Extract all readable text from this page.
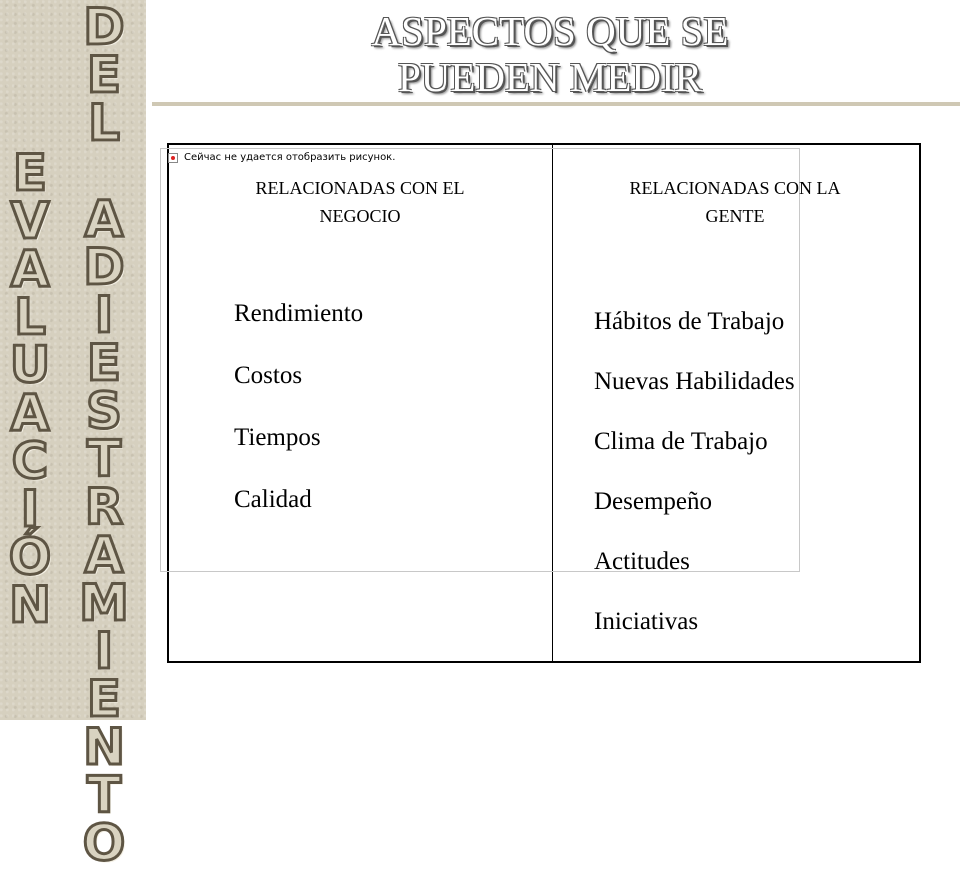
E
V
A
L
U
A
C
I
Ó
N
D
E
L
A
D
I
E
S
T
R
A
M
I
E
N
T
O
ASPECTOS QUE SE
PUEDEN MEDIR
Сейчас не удается отобразить рисунок.
RELACIONADAS CON EL
NEGOCIO
RELACIONADAS CON LA
GENTE
Rendimiento
Costos
Tiempos
Calidad
Hábitos de Trabajo
Nuevas Habilidades
Clima de Trabajo
Desempeño
Actitudes
Iniciativas
